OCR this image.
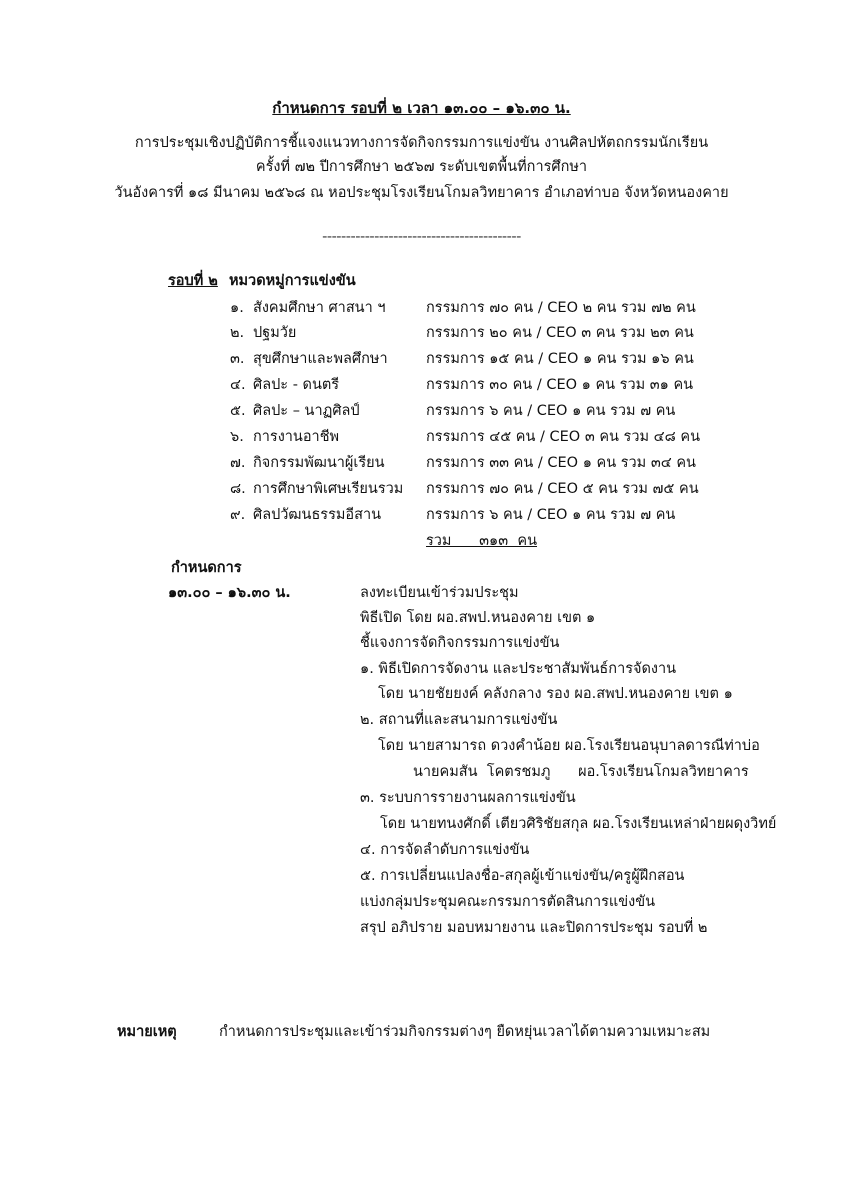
กำหนดการ รอบที่ ๒ เวลา ๑๓.๐๐ – ๑๖.๓๐ น.
การประชุมเชิงปฏิบัติการชี้แจงแนวทางการจัดกิจกรรมการแข่งขัน งานศิลปหัตถกรรมนักเรียน
ครั้งที่ ๗๒ ปีการศึกษา ๒๕๖๗ ระดับเขตพื้นที่การศึกษา
วันอังคารที่ ๑๘ มีนาคม ๒๕๖๘ ณ หอประชุมโรงเรียนโกมลวิทยาคาร อำเภอท่าบอ จังหวัดหนองคาย
------------------------------------------
รอบที่ ๒ หมวดหมู่การแข่งขัน
๑. สังคมศึกษา ศาสนา ฯ	กรรมการ ๗๐ คน / CEO ๒ คน รวม ๗๒ คน
๒. ปฐมวัย	กรรมการ ๒๐ คน / CEO ๓ คน รวม ๒๓ คน
๓. สุขศึกษาและพลศึกษา	กรรมการ ๑๕ คน / CEO ๑ คน รวม ๑๖ คน
๔. ศิลปะ - ดนตรี	กรรมการ ๓๐ คน / CEO ๑ คน รวม ๓๑ คน
๕. ศิลปะ – นาฏศิลป์	กรรมการ ๖ คน / CEO ๑ คน รวม ๗ คน
๖. การงานอาชีพ	กรรมการ ๔๕ คน / CEO ๓ คน รวม ๔๘ คน
๗. กิจกรรมพัฒนาผู้เรียน	กรรมการ ๓๓ คน / CEO ๑ คน รวม ๓๔ คน
๘. การศึกษาพิเศษเรียนรวม กรรมการ ๗๐ คน / CEO ๕ คน รวม ๗๕ คน
๙. ศิลปวัฒนธรรมอีสาน	กรรมการ ๖ คน / CEO ๑ คน รวม ๗ คน
รวม      ๓๑๓  คน
กำหนดการ
๑๓.๐๐ – ๑๖.๓๐ น.	ลงทะเบียนเข้าร่วมประชุม
พิธีเปิด โดย ผอ.สพป.หนองคาย เขต ๑
ชี้แจงการจัดกิจกรรมการแข่งขัน
๑. พิธีเปิดการจัดงาน และประชาสัมพันธ์การจัดงาน
โดย นายชัยยงค์ คลังกลาง รอง ผอ.สพป.หนองคาย เขต ๑
๒. สถานที่และสนามการแข่งขัน
โดย นายสามารถ ดวงคำน้อย ผอ.โรงเรียนอนุบาลดารณีท่าบ่อ
นายคมสัน  โคตรชมภู      ผอ.โรงเรียนโกมลวิทยาคาร
๓. ระบบการรายงานผลการแข่งขัน
โดย นายทนงศักดิ์ เตียวศิริชัยสกุล ผอ.โรงเรียนเหล่าฝ่ายผดุงวิทย์
๔. การจัดลำดับการแข่งขัน
๕. การเปลี่ยนแปลงชื่อ-สกุลผู้เข้าแข่งขัน/ครูผู้ฝึกสอน
แบ่งกลุ่มประชุมคณะกรรมการตัดสินการแข่งขัน
สรุป อภิปราย มอบหมายงาน และปิดการประชุม รอบที่ ๒
หมายเหตุ	กำหนดการประชุมและเข้าร่วมกิจกรรมต่างๆ ยืดหยุ่นเวลาได้ตามความเหมาะสม
